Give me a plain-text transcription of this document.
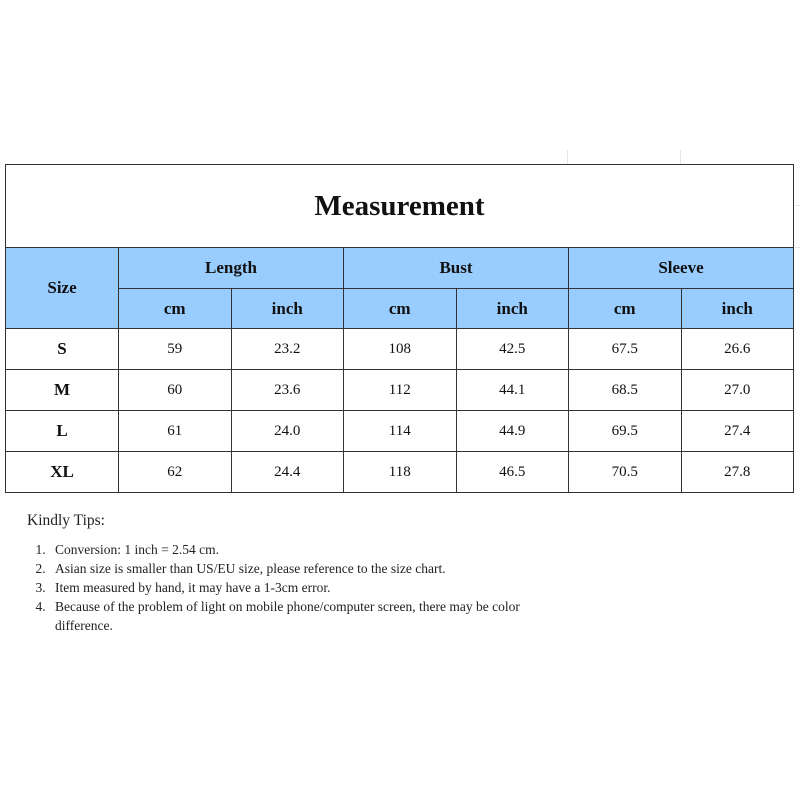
Measurement						
Size	Length		Bust		Sleeve	
	cm	inch	cm	inch	cm	inch
S	59	23.2	108	42.5	67.5	26.6
M	60	23.6	112	44.1	68.5	27.0
L	61	24.0	114	44.9	69.5	27.4
XL	62	24.4	118	46.5	70.5	27.8
Kindly Tips:
1. Conversion: 1 inch = 2.54 cm.
2. Asian size is smaller than US/EU size, please reference to the size chart.
3. Item measured by hand, it may have a 1-3cm error.
4. Because of the problem of light on mobile phone/computer screen, there may be color difference.
